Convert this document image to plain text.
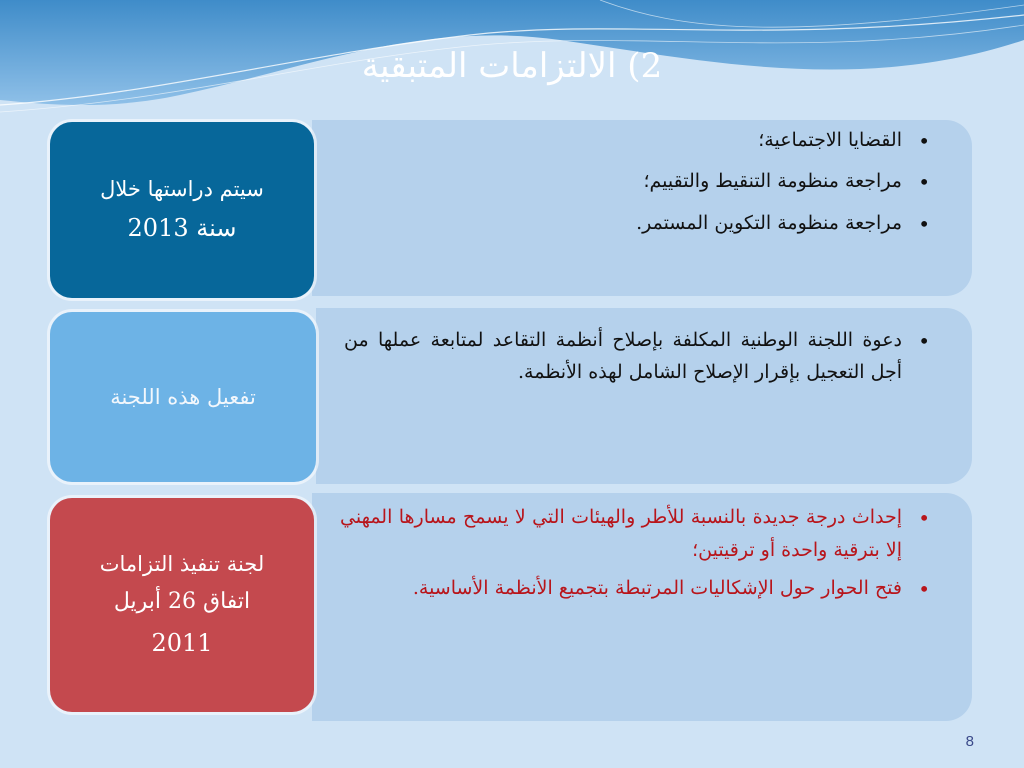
2) الالتزامات المتبقية
• القضايا الاجتماعية؛
• مراجعة منظومة التنقيط والتقييم؛
• مراجعة منظومة التكوين المستمر.
سيتم دراستها خلال
سنة 2013
• دعوة اللجنة الوطنية المكلفة بإصلاح أنظمة التقاعد لمتابعة عملها من أجل التعجيل بإقرار الإصلاح الشامل لهذه الأنظمة.
تفعيل هذه اللجنة
• إحداث درجة جديدة بالنسبة للأطر والهيئات التي لا يسمح مسارها المهني إلا بترقية واحدة أو ترقيتين؛
• فتح الحوار حول الإشكاليات المرتبطة بتجميع الأنظمة الأساسية.
لجنة تنفيذ التزامات
اتفاق 26 أبريل
2011
8
